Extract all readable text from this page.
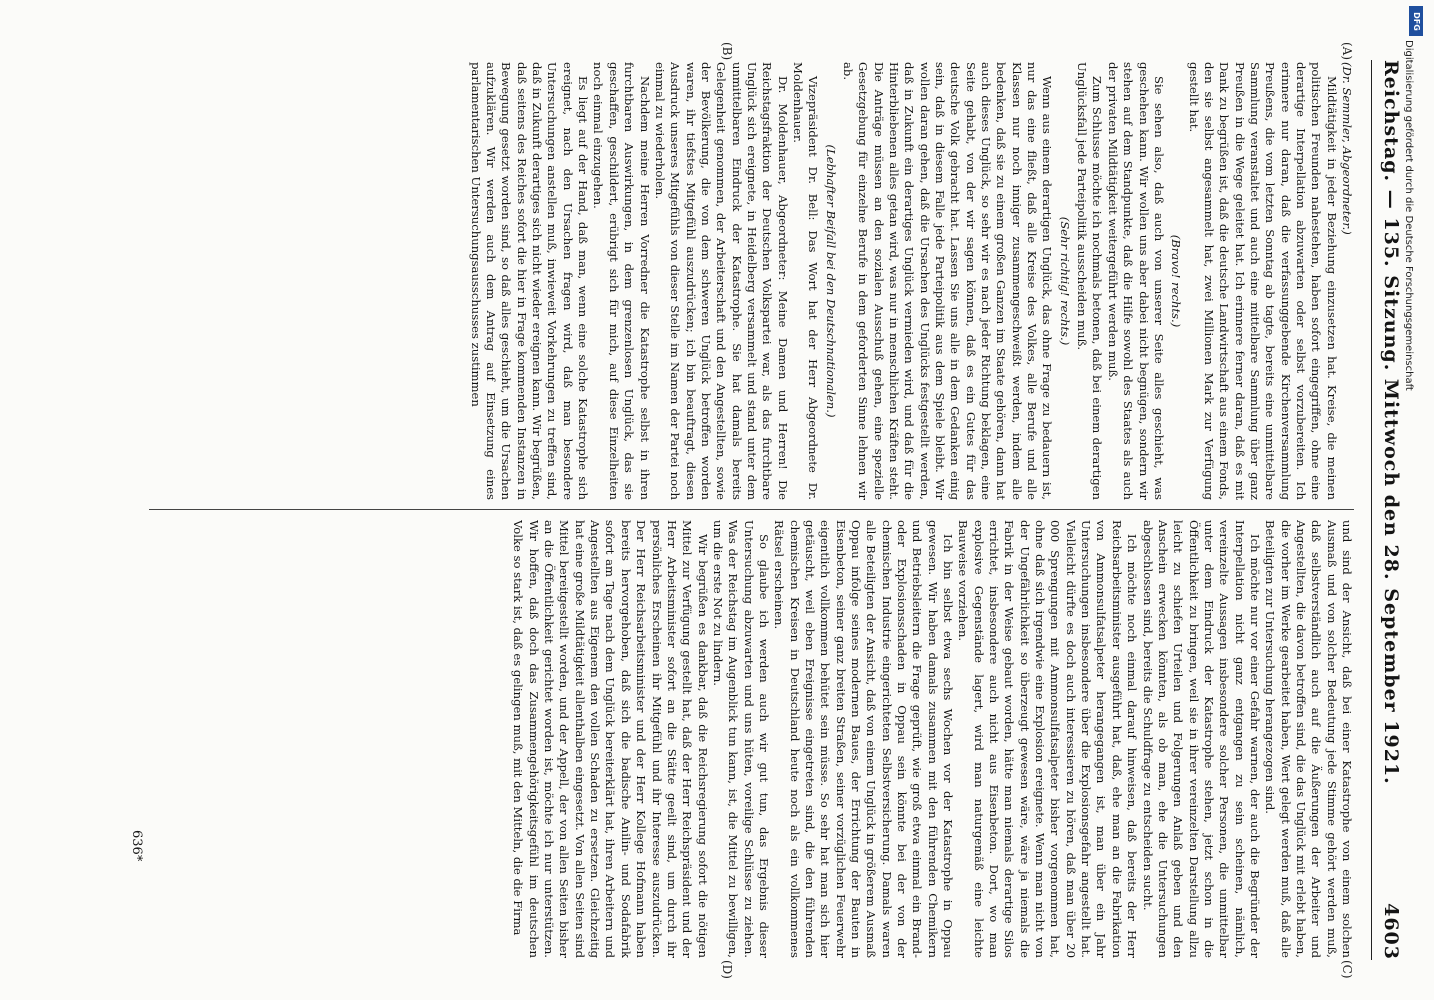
Reichstag. — 135. Sitzung. Mittwoch den 28. September 1921.
4603
(A)
(B)
(C)
(D)

(Dr. Semmler, Abgeordneter.)

Mildtätigkeit in jeder Beziehung einzusetzen hat. Kreise, die meinen politischen Freunden nahestehen, haben sofort eingegriffen, ohne eine derartige Interpellation abzuwarten oder selbst vorzubereiten. Ich erinnere nur daran, daß die verfassunggebende Kirchenversammlung Preußens, die vom letzten Sonntag ab tagte, bereits eine unmittelbare Sammlung veranstaltet und auch eine mittelbare Sammlung über ganz Preußen in die Wege geleitet hat. Ich erinnere ferner daran, daß es mit Dank zu begrüßen ist, daß die deutsche Landwirtschaft aus einem Fonds, den sie selbst angesammelt hat, zwei Millionen Mark zur Verfügung gestellt hat.

(Bravo! rechts.)

Sie sehen also, daß auch von unserer Seite alles geschieht, was geschehen kann. Wir wollen uns aber dabei nicht begnügen, sondern wir stehen auf dem Standpunkte, daß die Hilfe sowohl des Staates als auch der privaten Mildtätigkeit weitergeführt werden muß.

Zum Schlusse möchte ich nochmals betonen, daß bei einem derartigen Unglücksfall jede Parteipolitik ausscheiden muß.

(Sehr richtig! rechts.)

Wenn aus einem derartigen Unglück, das ohne Frage zu bedauern ist, nur das eine fließt, daß alle Kreise des Volkes, alle Berufe und alle Klassen nur noch inniger zusammengeschweißt werden, indem alle bedenken, daß sie zu einem großen Ganzen im Staate gehören, dann hat auch dieses Unglück, so sehr wir es nach jeder Richtung beklagen, eine Seite gehabt, von der wir sagen können, daß es ein Gutes für das deutsche Volk gebracht hat. Lassen Sie uns alle in dem Gedanken einig sein, daß in diesem Falle jede Parteipolitik aus dem Spiele bleibt. Wir wollen daran gehen, daß die Ursachen des Unglücks festgestellt werden, daß in Zukunft ein derartiges Unglück vermieden wird, und daß für die Hinterbliebenen alles getan wird, was nur in menschlichen Kräften steht. Die Anträge müssen an den sozialen Ausschuß gehen, eine spezielle Gesetzgebung für einzelne Berufe in dem geforderten Sinne lehnen wir ab.

(Lebhafter Beifall bei den Deutschnationalen.)

Vizepräsident Dr. Bell: Das Wort hat der Herr Abgeordnete Dr. Moldenhauer.

Dr. Moldenhauer, Abgeordneter: Meine Damen und Herren! Die Reichstagsfraktion der Deutschen Volkspartei war, als das furchtbare Unglück sich ereignete, in Heidelberg versammelt und stand unter dem unmittelbaren Eindruck der Katastrophe. Sie hat damals bereits Gelegenheit genommen, der Arbeiterschaft und den Angestellten, sowie der Bevölkerung, die von dem schweren Unglück betroffen worden waren, ihr tiefstes Mitgefühl auszudrücken; ich bin beauftragt, diesen Ausdruck unseres Mitgefühls von dieser Stelle im Namen der Partei noch einmal zu wiederholen.

Nachdem meine Herren Vorredner die Katastrophe selbst in ihren furchtbaren Auswirkungen, in dem grenzenlosen Unglück, das sie geschaffen, geschildert, erübrigt sich für mich, auf diese Einzelheiten noch einmal einzugehen.

Es liegt auf der Hand, daß man, wenn eine solche Katastrophe sich ereignet, nach den Ursachen fragen wird, daß man besondere Untersuchungen anstellen muß, inwieweit Vorkehrungen zu treffen sind, daß in Zukunft derartiges sich nicht wieder ereignen kann. Wir begrüßen, daß seitens des Reiches sofort die hier in Frage kommenden Instanzen in Bewegung gesetzt worden sind, so daß alles geschieht, um die Ursachen aufzuklären. Wir werden auch dem Antrag auf Einsetzung eines parlamentarischen Untersuchungsausschusses zustimmen

und sind der Ansicht, daß bei einer Katastrophe von einem solchen Ausmaß und von solcher Bedeutung jede Stimme gehört werden muß, daß selbstverständlich auch auf die Äußerungen der Arbeiter und Angestellten, die davon betroffen sind, die das Unglück mit erlebt haben, die vorher im Werke gearbeitet haben, Wert gelegt werden muß, daß alle Beteiligten zur Untersuchung herangezogen sind.

Ich möchte nur vor einer Gefahr warnen, der auch die Begründer der Interpellation nicht ganz entgangen zu sein scheinen, nämlich, vereinzelte Aussagen insbesondere solcher Personen, die unmittelbar unter dem Eindruck der Katastrophe stehen, jetzt schon in die Öffentlichkeit zu bringen, weil sie in ihrer vereinzelten Darstellung allzu leicht zu schiefen Urteilen und Folgerungen Anlaß geben und den Anschein erwecken könnten, als ob man, ehe die Untersuchungen abgeschlossen sind, bereits die Schuldfrage zu entscheiden sucht.

Ich möchte noch einmal darauf hinweisen, daß bereits der Herr Reichsarbeitsminister ausgeführt hat, daß, ehe man an die Fabrikation von Ammonsulfatsalpeter herangegangen ist, man über ein Jahr Untersuchungen insbesondere über die Explosionsgefahr angestellt hat. Vielleicht dürfte es doch auch interessieren zu hören, daß man über 20 000 Sprengungen mit Ammonsulfatsalpeter bisher vorgenommen hat, ohne daß sich irgendwie eine Explosion ereignete. Wenn man nicht von der Ungefährlichkeit so überzeugt gewesen wäre, wäre ja niemals die Fabrik in der Weise gebaut worden, hätte man niemals derartige Silos errichtet, insbesondere auch nicht aus Eisenbeton. Dort, wo man explosive Gegenstände lagert, wird man naturgemäß eine leichte Bauweise vorziehen.

Ich bin selbst etwa sechs Wochen vor der Katastrophe in Oppau gewesen. Wir haben damals zusammen mit den führenden Chemikern und Betriebsleitern die Frage geprüft, wie groß etwa einmal ein Brand- oder Explosionsschaden in Oppau sein könnte bei der von der chemischen Industrie eingerichteten Selbstversicherung. Damals waren alle Beteiligten der Ansicht, daß von einem Unglück in größerem Ausmaß Oppau infolge seines modernen Baues, der Errichtung der Bauten in Eisenbeton, seiner ganz breiten Straßen, seiner vorzüglichen Feuerwehr eigentlich vollkommen behütet sein müsse. So sehr hat man sich hier getäuscht, weil eben Ereignisse eingetreten sind, die den führenden chemischen Kreisen in Deutschland heute noch als ein vollkommenes Rätsel erscheinen.

So glaube ich werden auch wir gut tun, das Ergebnis dieser Untersuchung abzuwarten und uns hüten, voreilige Schlüsse zu ziehen. Was der Reichstag im Augenblick tun kann, ist, die Mittel zu bewilligen, um die erste Not zu lindern.

Wir begrüßen es dankbar, daß die Reichsregierung sofort die nötigen Mittel zur Verfügung gestellt hat, daß der Herr Reichspräsident und der Herr Arbeitsminister sofort an die Stätte geeilt sind, um durch ihr persönliches Erscheinen ihr Mitgefühl und ihr Interesse auszudrücken. Der Herr Reichsarbeitsminister und der Herr Kollege Hofmann haben bereits hervorgehoben, daß sich die badische Anilin- und Sodafabrik sofort am Tage nach dem Unglück bereiterklärt hat, ihren Arbeitern und Angestellten aus Eigenem den vollen Schaden zu ersetzen. Gleichzeitig hat eine große Mildtätigkeit allenthalben eingesetzt. Von allen Seiten sind Mittel bereitgestellt worden, und der Appell, der von allen Seiten bisher an die Öffentlichkeit gerichtet worden ist, möchte ich nur unterstützen. Wir hoffen, daß doch das Zusammengehörigkeitsgefühl im deutschen Volke so stark ist, daß es gelingen muß, mit den Mitteln, die die Firma

636*
DFG
Digitalisierung gefördert durch die Deutsche Forschungsgemeinschaft
